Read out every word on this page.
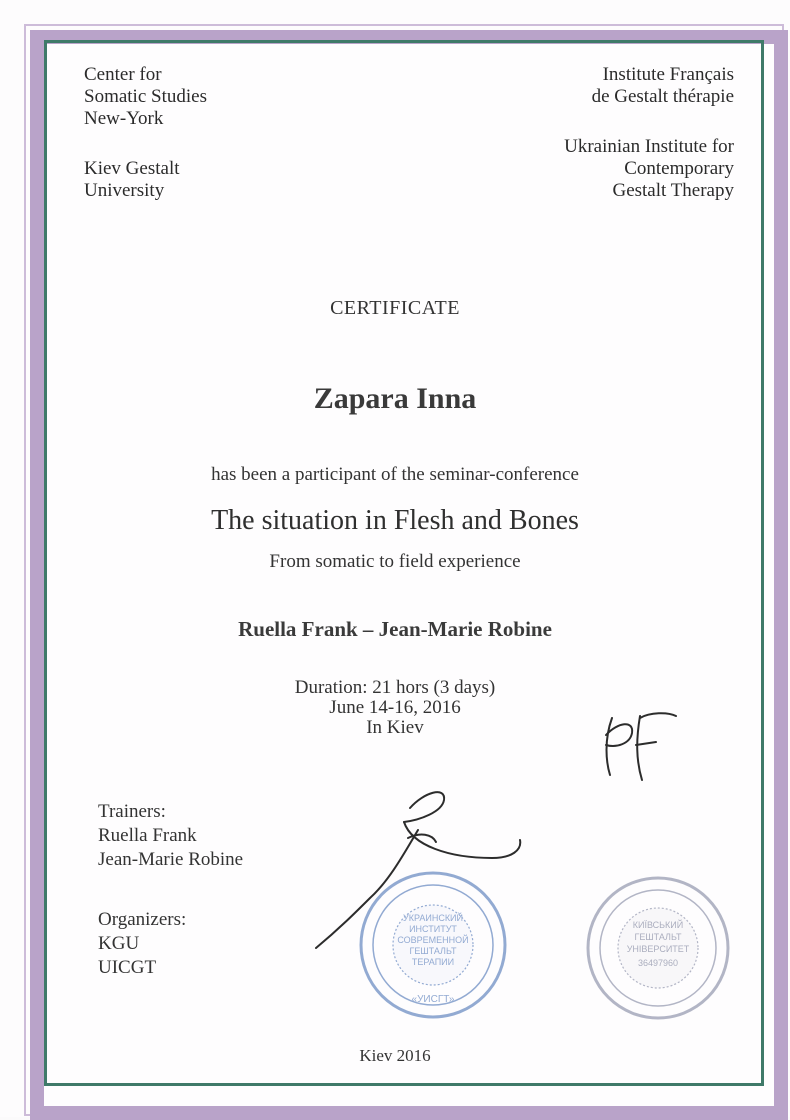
Center for
Somatic Studies
New-York
Kiev Gestalt
University
Institute Français
de Gestalt thérapie
Ukrainian Institute for
Contemporary
Gestalt Therapy
CERTIFICATE
Zapara Inna
has been a participant of the seminar-conference
The situation in Flesh and Bones
From somatic to field experience
Ruella Frank – Jean-Marie Robine
Duration: 21 hors (3 days)
June 14-16, 2016
In Kiev
Trainers:
Ruella Frank
Jean-Marie Robine
Organizers:
KGU
UICGT
Kiev 2016
УКРАИНСКИЙ
ИНСТИТУТ
СОВРЕМЕННОЙ
ГЕШТАЛЬТ
ТЕРАПИИ
«УИСГТ»
КИЇВСЬКИЙ
ГЕШТАЛЬТ
УНІВЕРСИТЕТ
36497960
